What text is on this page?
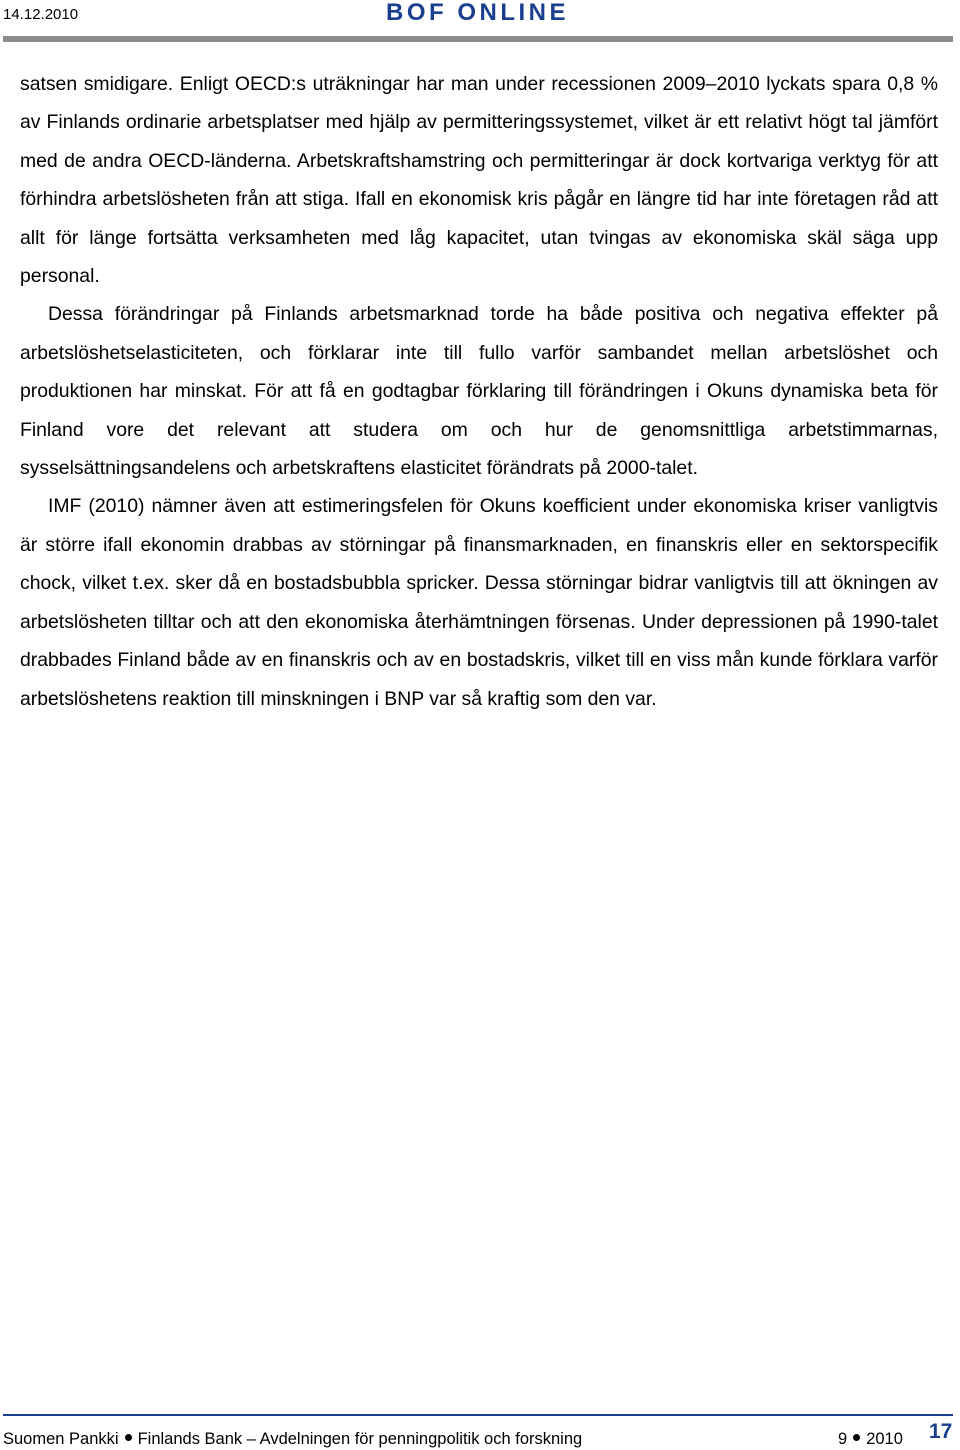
14.12.2010	BOF ONLINE

satsen smidigare. Enligt OECD:s uträkningar har man under recessionen 2009–2010 lyckats spara 0,8 % av Finlands ordinarie arbetsplatser med hjälp av permitteringssystemet, vilket är ett relativt högt tal jämfört med de andra OECD-länderna. Arbetskraftshamstring och permitteringar är dock kortvariga verktyg för att förhindra arbetslösheten från att stiga. Ifall en ekonomisk kris pågår en längre tid har inte företagen råd att allt för länge fortsätta verksamheten med låg kapacitet, utan tvingas av ekonomiska skäl säga upp personal.

Dessa förändringar på Finlands arbetsmarknad torde ha både positiva och negativa effekter på arbetslöshetselasticiteten, och förklarar inte till fullo varför sambandet mellan arbetslöshet och produktionen har minskat. För att få en godtagbar förklaring till förändringen i Okuns dynamiska beta för Finland vore det relevant att studera om och hur de genomsnittliga arbetstimmarnas, sysselsättningsandelens och arbetskraftens elasticitet förändrats på 2000-talet.

IMF (2010) nämner även att estimeringsfelen för Okuns koefficient under ekonomiska kriser vanligtvis är större ifall ekonomin drabbas av störningar på finansmarknaden, en finanskris eller en sektorspecifik chock, vilket t.ex. sker då en bostadsbubbla spricker. Dessa störningar bidrar vanligtvis till att ökningen av arbetslösheten tilltar och att den ekonomiska återhämtningen försenas. Under depressionen på 1990-talet drabbades Finland både av en finanskris och av en bostadskris, vilket till en viss mån kunde förklara varför arbetslöshetens reaktion till minskningen i BNP var så kraftig som den var.

Suomen Pankki Finlands Bank – Avdelningen för penningpolitik och forskning	9 2010 17
